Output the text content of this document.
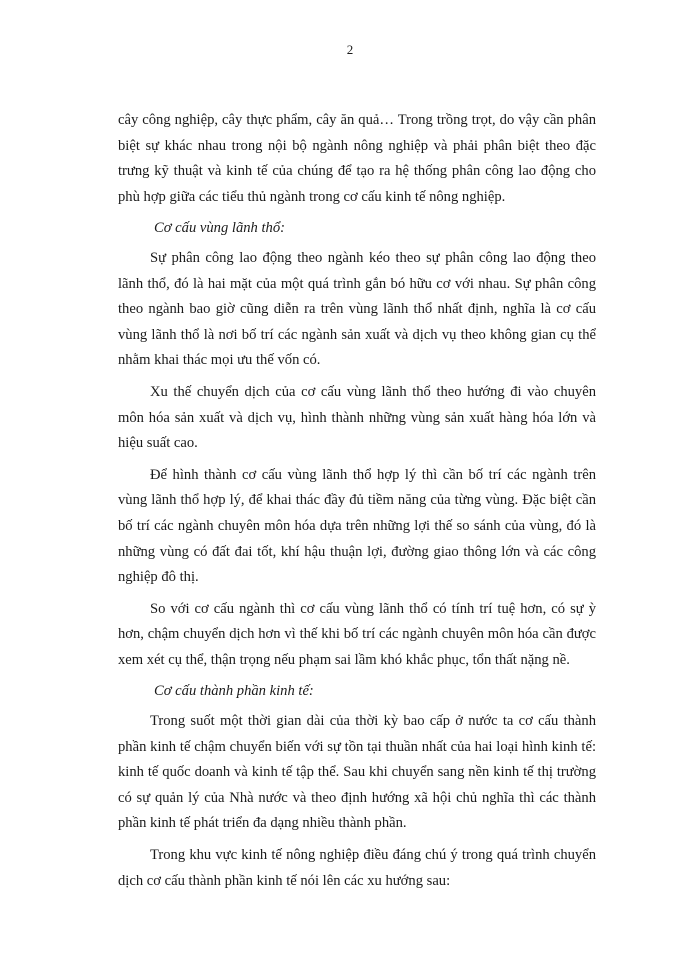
2

cây công nghiệp, cây thực phẩm, cây ăn quả… Trong trồng trọt, do vậy cần phân biệt sự khác nhau trong nội bộ ngành nông nghiệp và phải phân biệt theo đặc trưng kỹ thuật và kinh tế của chúng để tạo ra hệ thống phân công lao động cho phù hợp giữa các tiểu thủ ngành trong cơ cấu kinh tế nông nghiệp.

Cơ cấu vùng lãnh thổ:

Sự phân công lao động theo ngành kéo theo sự phân công lao động theo lãnh thổ, đó là hai mặt của một quá trình gắn bó hữu cơ với nhau. Sự phân công theo ngành bao giờ cũng diễn ra trên vùng lãnh thổ nhất định, nghĩa là cơ cấu vùng lãnh thổ là nơi bố trí các ngành sản xuất và dịch vụ theo không gian cụ thể nhằm khai thác mọi ưu thế vốn có.

Xu thế chuyển dịch của cơ cấu vùng lãnh thổ theo hướng đi vào chuyên môn hóa sản xuất và dịch vụ, hình thành những vùng sản xuất hàng hóa lớn và hiệu suất cao.

Để hình thành cơ cấu vùng lãnh thổ hợp lý thì cần bố trí các ngành trên vùng lãnh thổ hợp lý, để khai thác đầy đủ tiềm năng của từng vùng. Đặc biệt cần bố trí các ngành chuyên môn hóa dựa trên những lợi thế so sánh của vùng, đó là những vùng có đất đai tốt, khí hậu thuận lợi, đường giao thông lớn và các công nghiệp đô thị.

So với cơ cấu ngành thì cơ cấu vùng lãnh thổ có tính trí tuệ hơn, có sự ỳ hơn, chậm chuyển dịch hơn vì thế khi bố trí các ngành chuyên môn hóa cần được xem xét cụ thể, thận trọng nếu phạm sai lầm khó khắc phục, tổn thất nặng nề.

Cơ cấu thành phần kinh tế:

Trong suốt một thời gian dài của thời kỳ bao cấp ở nước ta cơ cấu thành phần kinh tế chậm chuyển biến với sự tồn tại thuần nhất của hai loại hình kinh tế: kinh tế quốc doanh và kinh tế tập thể. Sau khi chuyển sang nền kinh tế thị trường có sự quản lý của Nhà nước và theo định hướng xã hội chủ nghĩa thì các thành phần kinh tế phát triển đa dạng nhiều thành phần.

Trong khu vực kinh tế nông nghiệp điều đáng chú ý trong quá trình chuyển dịch cơ cấu thành phần kinh tế nói lên các xu hướng sau:
